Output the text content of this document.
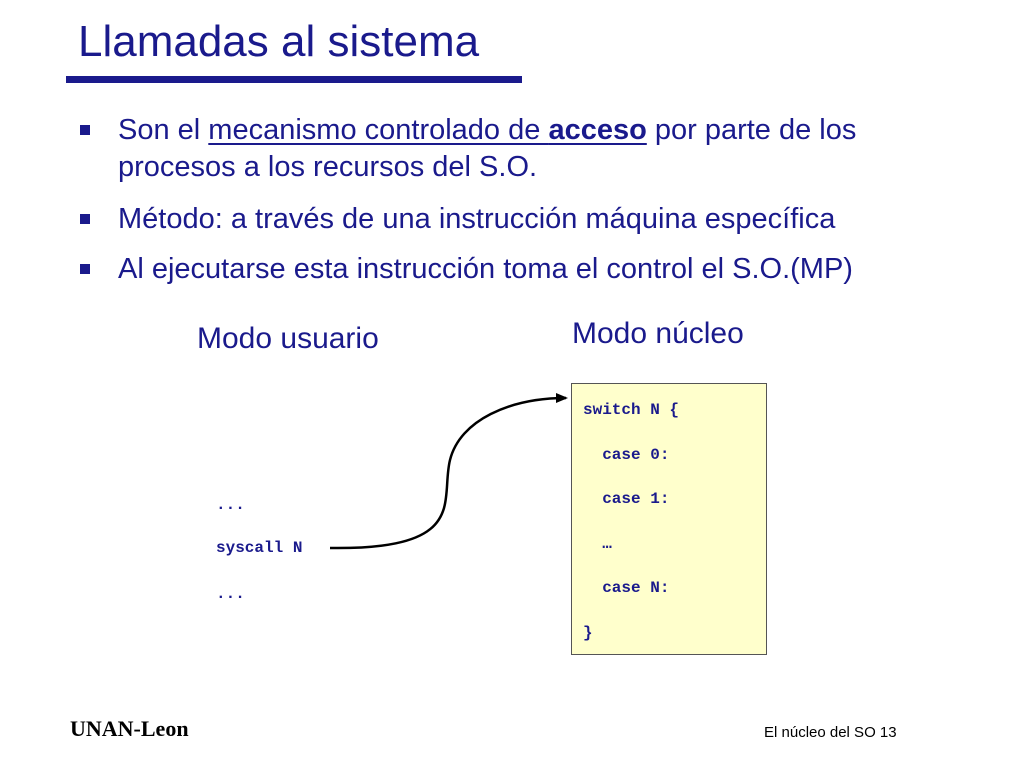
Llamadas al sistema
Son el mecanismo controlado de acceso por parte de los
procesos a los recursos del S.O.
Método: a través de una instrucción máquina específica
Al ejecutarse esta instrucción toma el control el S.O.(MP)
Modo usuario	Modo núcleo
...
syscall N
...
switch N {
case 0:
case 1:
…
case N:
}
UNAN-Leon	El núcleo del SO 13
